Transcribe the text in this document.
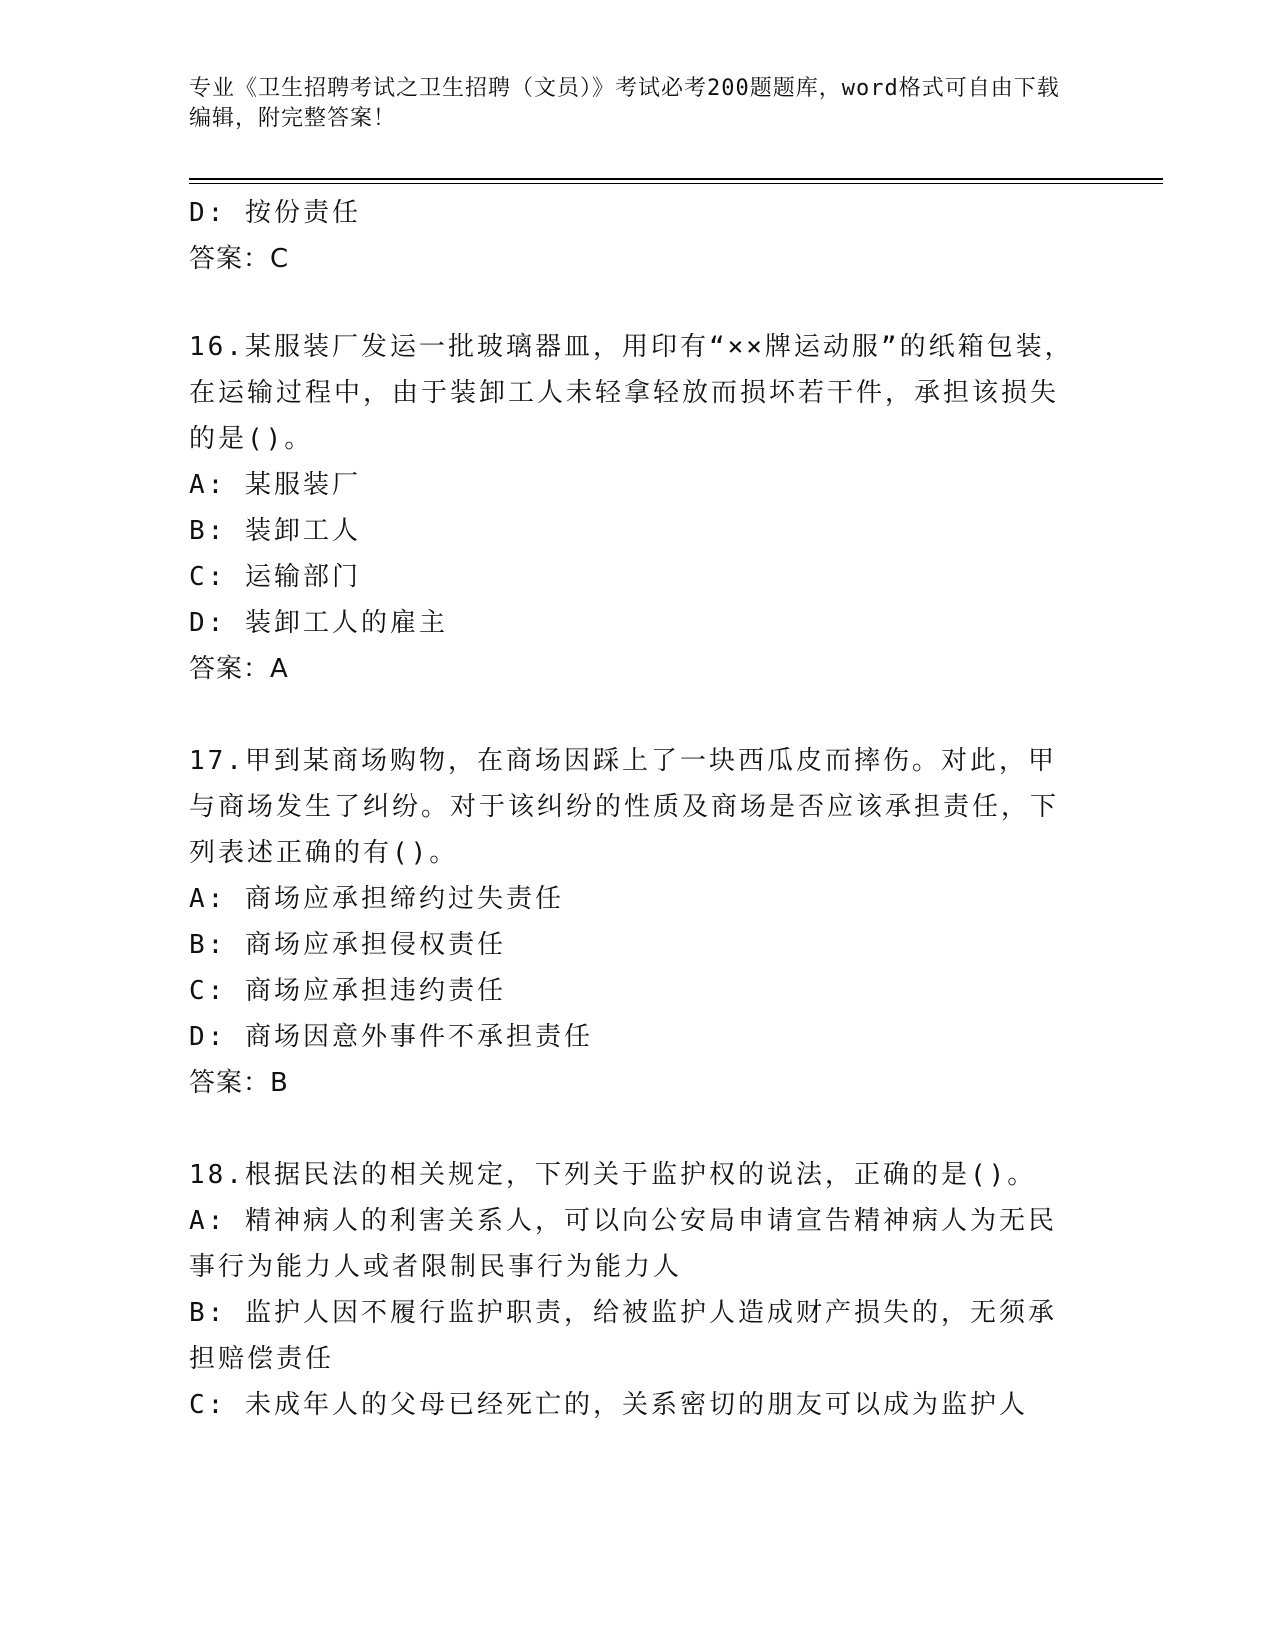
专业《卫生招聘考试之卫生招聘（文员）》考试必考200题题库，word格式可自由下载编辑，附完整答案！
D: 按份责任
答案：C
16.某服装厂发运一批玻璃器皿，用印有“××牌运动服”的纸箱包装，在运输过程中，由于装卸工人未轻拿轻放而损坏若干件，承担该损失的是()。
A: 某服装厂
B: 装卸工人
C: 运输部门
D: 装卸工人的雇主
答案：A
17.甲到某商场购物，在商场因踩上了一块西瓜皮而摔伤。对此，甲与商场发生了纠纷。对于该纠纷的性质及商场是否应该承担责任，下列表述正确的有()。
A: 商场应承担缔约过失责任
B: 商场应承担侵权责任
C: 商场应承担违约责任
D: 商场因意外事件不承担责任
答案：B
18.根据民法的相关规定，下列关于监护权的说法，正确的是()。
A: 精神病人的利害关系人，可以向公安局申请宣告精神病人为无民事行为能力人或者限制民事行为能力人
B: 监护人因不履行监护职责，给被监护人造成财产损失的，无须承担赔偿责任
C: 未成年人的父母已经死亡的，关系密切的朋友可以成为监护人
